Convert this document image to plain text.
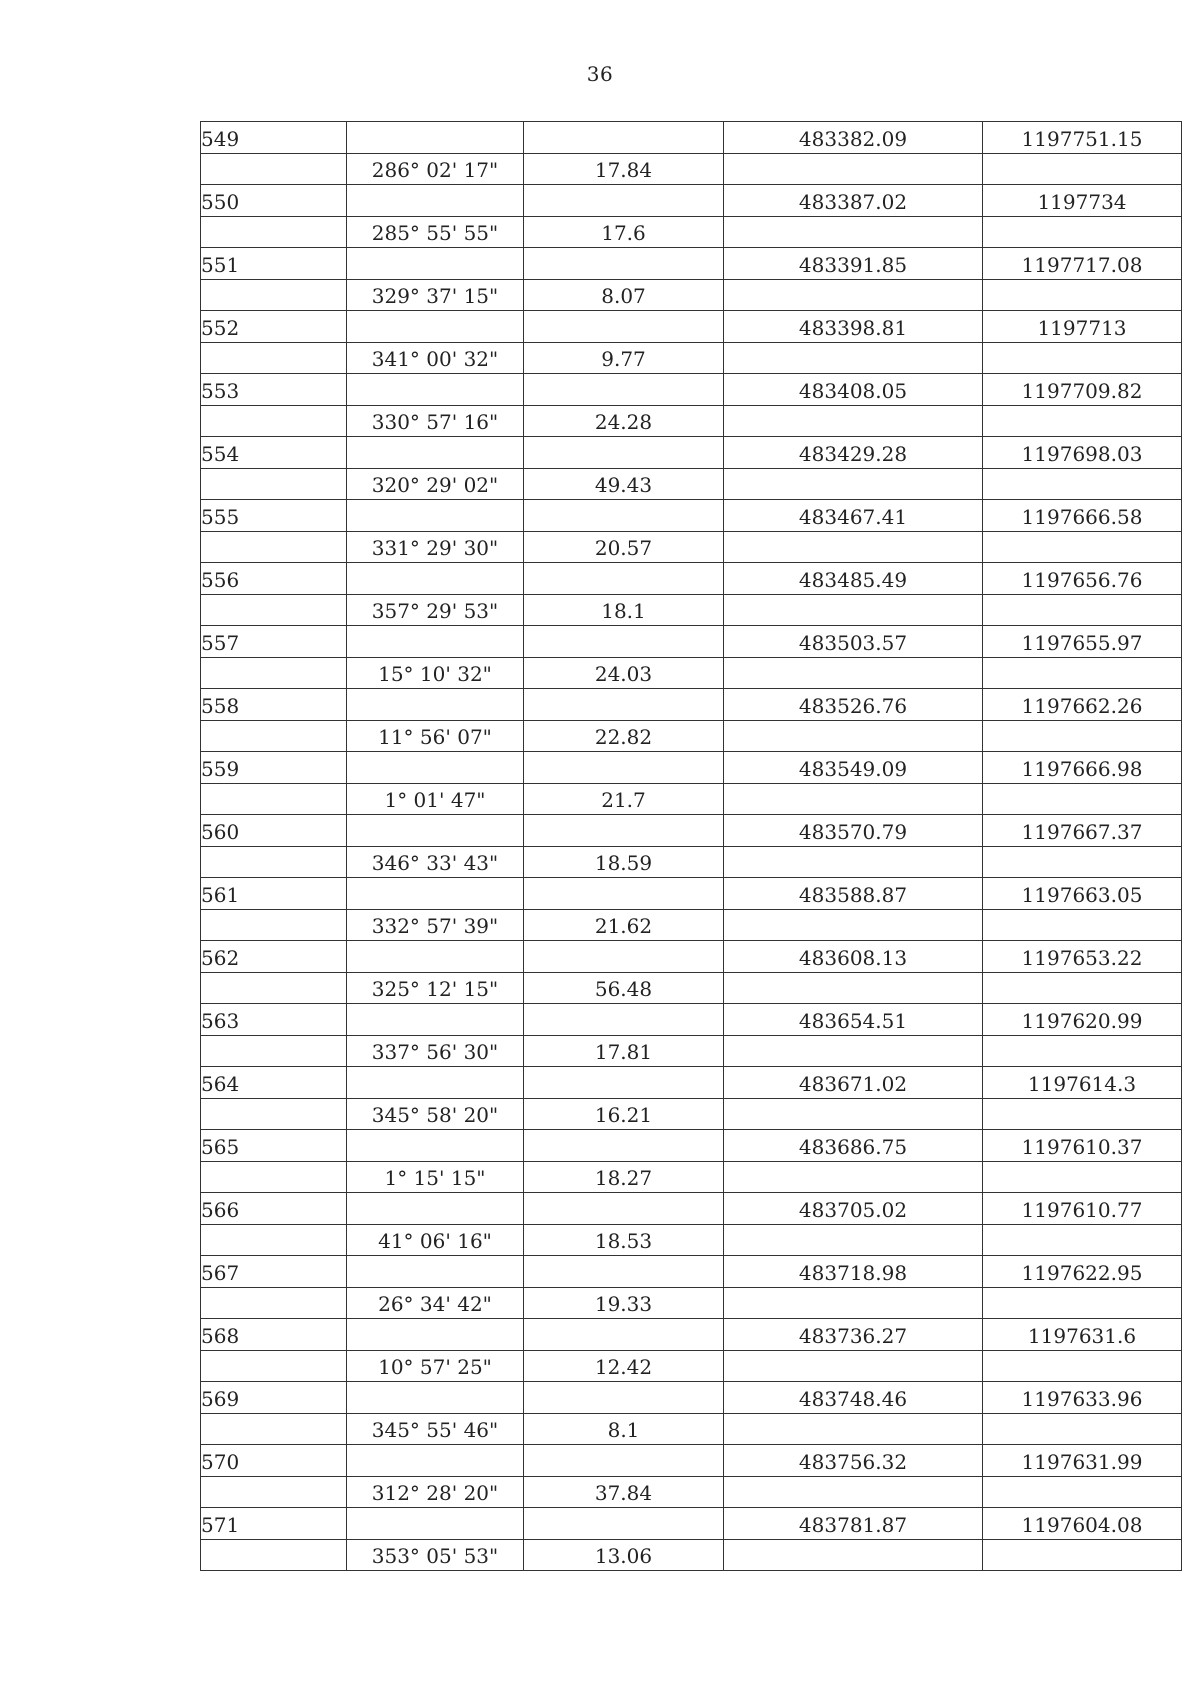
36
549			483382.09	1197751.15
	286° 02' 17"	17.84		
550			483387.02	1197734
	285° 55' 55"	17.6		
551			483391.85	1197717.08
	329° 37' 15"	8.07		
552			483398.81	1197713
	341° 00' 32"	9.77		
553			483408.05	1197709.82
	330° 57' 16"	24.28		
554			483429.28	1197698.03
	320° 29' 02"	49.43		
555			483467.41	1197666.58
	331° 29' 30"	20.57		
556			483485.49	1197656.76
	357° 29' 53"	18.1		
557			483503.57	1197655.97
	15° 10' 32"	24.03		
558			483526.76	1197662.26
	11° 56' 07"	22.82		
559			483549.09	1197666.98
	1° 01' 47"	21.7		
560			483570.79	1197667.37
	346° 33' 43"	18.59		
561			483588.87	1197663.05
	332° 57' 39"	21.62		
562			483608.13	1197653.22
	325° 12' 15"	56.48		
563			483654.51	1197620.99
	337° 56' 30"	17.81		
564			483671.02	1197614.3
	345° 58' 20"	16.21		
565			483686.75	1197610.37
	1° 15' 15"	18.27		
566			483705.02	1197610.77
	41° 06' 16"	18.53		
567			483718.98	1197622.95
	26° 34' 42"	19.33		
568			483736.27	1197631.6
	10° 57' 25"	12.42		
569			483748.46	1197633.96
	345° 55' 46"	8.1		
570			483756.32	1197631.99
	312° 28' 20"	37.84		
571			483781.87	1197604.08
	353° 05' 53"	13.06		
